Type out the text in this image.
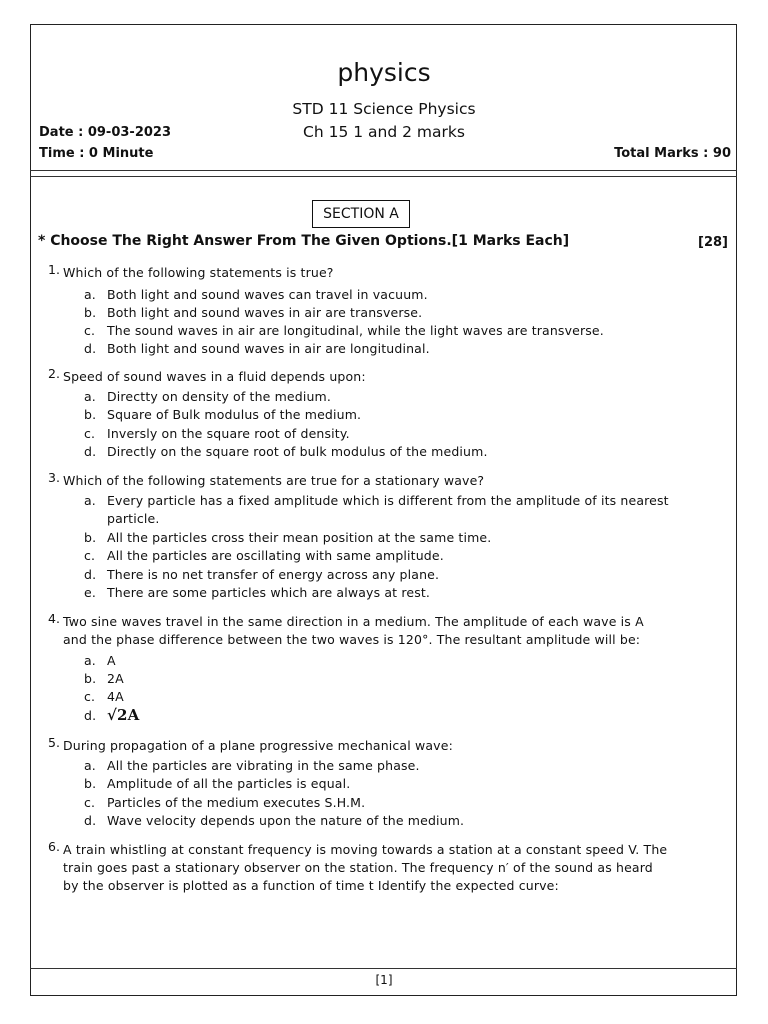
physics
STD 11 Science Physics
Ch 15 1 and 2 marks
Date : 09-03-2023
Time : 0 Minute	Total Marks : 90
SECTION A
* Choose The Right Answer From The Given Options.[1 Marks Each]	[28]
1. Which of the following statements is true?
a. Both light and sound waves can travel in vacuum.
b. Both light and sound waves in air are transverse.
c. The sound waves in air are longitudinal, while the light waves are transverse.
d. Both light and sound waves in air are longitudinal.
2. Speed of sound waves in a fluid depends upon:
a. Directty on density of the medium.
b. Square of Bulk modulus of the medium.
c. Inversly on the square root of density.
d. Directly on the square root of bulk modulus of the medium.
3. Which of the following statements are true for a stationary wave?
a. Every particle has a fixed amplitude which is different from the amplitude of its nearest
particle.
b. All the particles cross their mean position at the same time.
c. All the particles are oscillating with same amplitude.
d. There is no net transfer of energy across any plane.
e. There are some particles which are always at rest.
4. Two sine waves travel in the same direction in a medium. The amplitude of each wave is A
and the phase difference between the two waves is 120°. The resultant amplitude will be:
a. A
b. 2A
c. 4A
d. √2A
5. During propagation of a plane progressive mechanical wave:
a. All the particles are vibrating in the same phase.
b. Amplitude of all the particles is equal.
c. Particles of the medium executes S.H.M.
d. Wave velocity depends upon the nature of the medium.
6. A train whistling at constant frequency is moving towards a station at a constant speed V. The
train goes past a stationary observer on the station. The frequency n′ of the sound as heard
by the observer is plotted as a function of time t Identify the expected curve:
[1]
